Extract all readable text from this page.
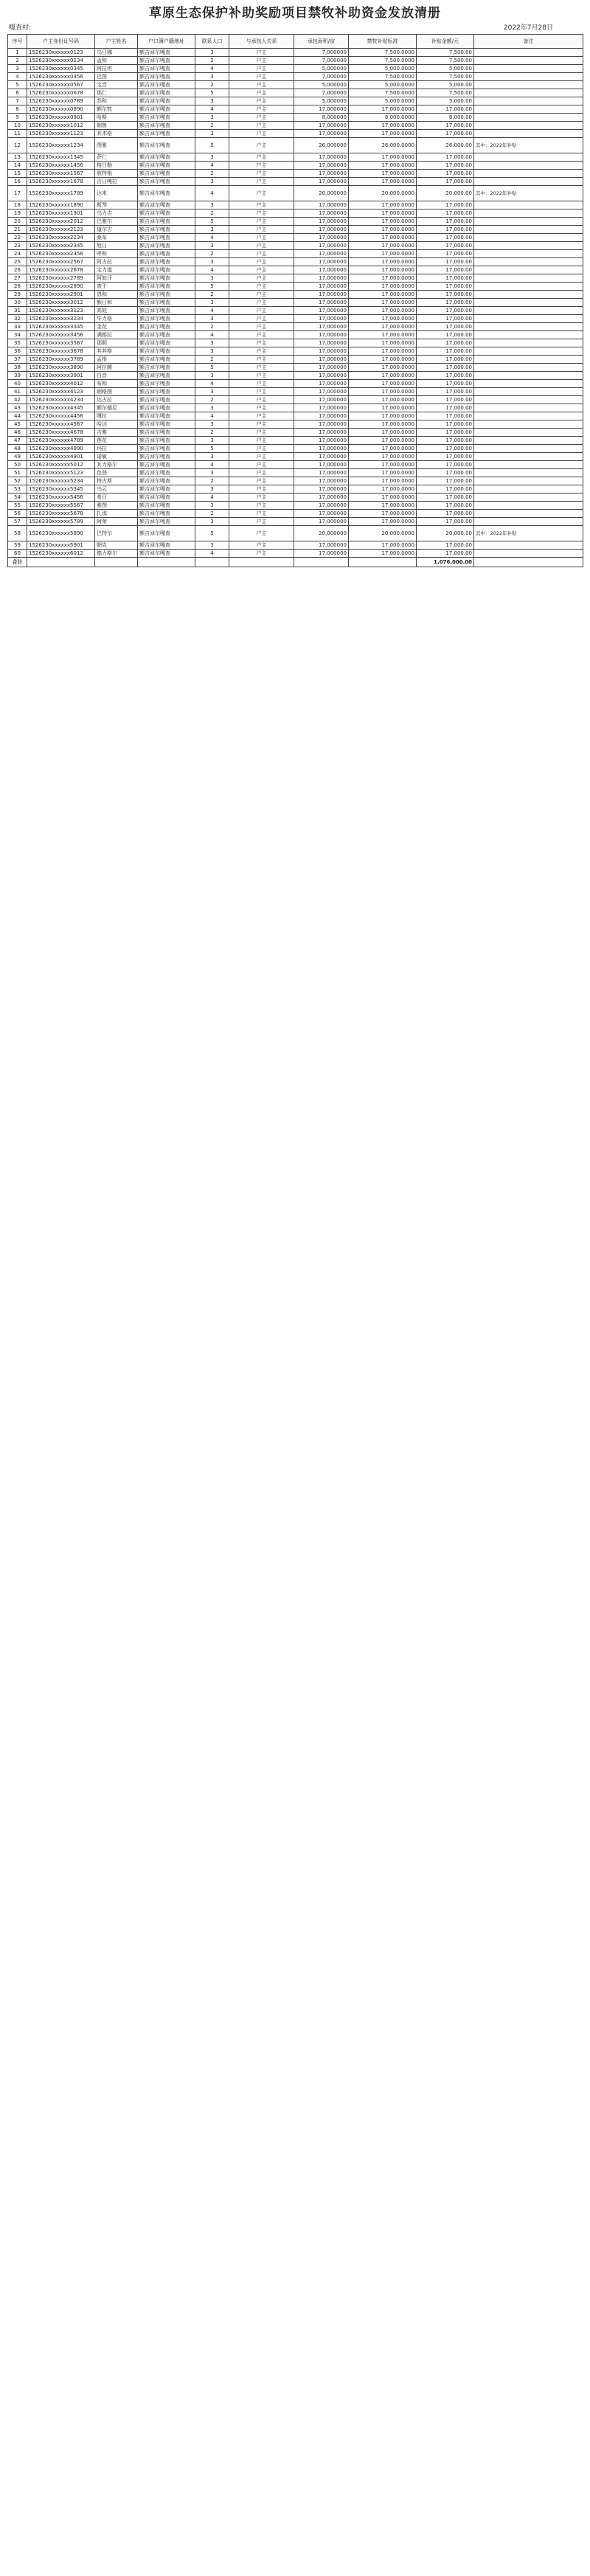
草原生态保护补助奖励项目禁牧补助资金发放清册
嘎查村:	2022年7月28日
序号	户主身份证号码	户主姓名	户口簿户籍地址	联系人口	与承包人关系	承包面积/亩	禁牧补贴标准	补贴金额/元	备注
1	1526230xxxxxx0123	乌日娜	额吉淖尔嘎查	3	户主	7,000000	7,500.0000	7,500.00	
2	1526230xxxxxx0234	孟和	额吉淖尔嘎查	2	户主	7,000000	7,500.0000	7,500.00	
3	1526230xxxxxx0345	阿拉坦	额吉淖尔嘎查	4	户主	5,000000	5,000.0000	5,000.00	
4	1526230xxxxxx0456	巴图	额吉淖尔嘎查	3	户主	7,000000	7,500.0000	7,500.00	
5	1526230xxxxxx0567	宝音	额吉淖尔嘎查	2	户主	5,000000	5,000.0000	5,000.00	
6	1526230xxxxxx0678	那仁	额吉淖尔嘎查	5	户主	7,000000	7,500.0000	7,500.00	
7	1526230xxxxxx0789	苏和	额吉淖尔嘎查	3	户主	5,000000	5,000.0000	5,000.00	
8	1526230xxxxxx0890	额尔敦	额吉淖尔嘎查	4	户主	17,000000	17,000.0000	17,000.00	
9	1526230xxxxxx0901	哈斯	额吉淖尔嘎查	3	户主	8,000000	8,000.0000	8,000.00	
10	1526230xxxxxx1012	朝鲁	额吉淖尔嘎查	2	户主	17,000000	17,000.0000	17,000.00	
11	1526230xxxxxx1123	其木格	额吉淖尔嘎查	3	户主	17,000000	17,000.0000	17,000.00	
12	1526230xxxxxx1234	图雅	额吉淖尔嘎查	5	户主	26,000000	26,000.0000	26,000.00	其中：2022年补贴
13	1526230xxxxxx1345	萨仁	额吉淖尔嘎查	3	户主	17,000000	17,000.0000	17,000.00	
14	1526230xxxxxx1456	格日勒	额吉淖尔嘎查	4	户主	17,000000	17,000.0000	17,000.00	
15	1526230xxxxxx1567	敖特根	额吉淖尔嘎查	2	户主	17,000000	17,000.0000	17,000.00	
16	1526230xxxxxx1678	吉日嘎拉	额吉淖尔嘎查	3	户主	17,000000	17,000.0000	17,000.00	
17	1526230xxxxxx1789	达来	额吉淖尔嘎查	4	户主	20,000000	20,000.0000	20,000.00	其中：2022年补贴
18	1526230xxxxxx1890	斯琴	额吉淖尔嘎查	3	户主	17,000000	17,000.0000	17,000.00	
19	1526230xxxxxx1901	乌力吉	额吉淖尔嘎查	2	户主	17,000000	17,000.0000	17,000.00	
20	1526230xxxxxx2012	巴雅尔	额吉淖尔嘎查	5	户主	17,000000	17,000.0000	17,000.00	
21	1526230xxxxxx2123	道尔吉	额吉淖尔嘎查	3	户主	17,000000	17,000.0000	17,000.00	
22	1526230xxxxxx2234	桑布	额吉淖尔嘎查	4	户主	17,000000	17,000.0000	17,000.00	
23	1526230xxxxxx2345	旭日	额吉淖尔嘎查	3	户主	17,000000	17,000.0000	17,000.00	
24	1526230xxxxxx2456	呼和	额吉淖尔嘎查	2	户主	17,000000	17,000.0000	17,000.00	
25	1526230xxxxxx2567	阿古拉	额吉淖尔嘎查	3	户主	17,000000	17,000.0000	17,000.00	
26	1526230xxxxxx2678	宝力道	额吉淖尔嘎查	4	户主	17,000000	17,000.0000	17,000.00	
27	1526230xxxxxx2789	阿如汗	额吉淖尔嘎查	3	户主	17,000000	17,000.0000	17,000.00	
28	1526230xxxxxx2890	查干	额吉淖尔嘎查	5	户主	17,000000	17,000.0000	17,000.00	
29	1526230xxxxxx2901	恩和	额吉淖尔嘎查	2	户主	17,000000	17,000.0000	17,000.00	
30	1526230xxxxxx3012	额日和	额吉淖尔嘎查	3	户主	17,000000	17,000.0000	17,000.00	
31	1526230xxxxxx3123	高娃	额吉淖尔嘎查	4	户主	17,000000	17,000.0000	17,000.00	
32	1526230xxxxxx3234	毕力格	额吉淖尔嘎查	3	户主	17,000000	17,000.0000	17,000.00	
33	1526230xxxxxx3345	金花	额吉淖尔嘎查	2	户主	17,000000	17,000.0000	17,000.00	
34	1526230xxxxxx3456	满都拉	额吉淖尔嘎查	4	户主	17,000000	17,000.0000	17,000.00	
35	1526230xxxxxx3567	那顺	额吉淖尔嘎查	3	户主	17,000000	17,000.0000	17,000.00	
36	1526230xxxxxx3678	其其格	额吉淖尔嘎查	3	户主	17,000000	17,000.0000	17,000.00	
37	1526230xxxxxx3789	孟根	额吉淖尔嘎查	2	户主	17,000000	17,000.0000	17,000.00	
38	1526230xxxxxx3890	阿拉腾	额吉淖尔嘎查	5	户主	17,000000	17,000.0000	17,000.00	
39	1526230xxxxxx3901	白音	额吉淖尔嘎查	3	户主	17,000000	17,000.0000	17,000.00	
40	1526230xxxxxx4012	布和	额吉淖尔嘎查	4	户主	17,000000	17,000.0000	17,000.00	
41	1526230xxxxxx4123	朝格图	额吉淖尔嘎查	3	户主	17,000000	17,000.0000	17,000.00	
42	1526230xxxxxx4234	达古拉	额吉淖尔嘎查	2	户主	17,000000	17,000.0000	17,000.00	
43	1526230xxxxxx4345	额尔德尼	额吉淖尔嘎查	3	户主	17,000000	17,000.0000	17,000.00	
44	1526230xxxxxx4456	嘎拉	额吉淖尔嘎查	4	户主	17,000000	17,000.0000	17,000.00	
45	1526230xxxxxx4567	哈达	额吉淖尔嘎查	3	户主	17,000000	17,000.0000	17,000.00	
46	1526230xxxxxx4678	吉雅	额吉淖尔嘎查	2	户主	17,000000	17,000.0000	17,000.00	
47	1526230xxxxxx4789	莲花	额吉淖尔嘎查	3	户主	17,000000	17,000.0000	17,000.00	
48	1526230xxxxxx4890	玛拉	额吉淖尔嘎查	5	户主	17,000000	17,000.0000	17,000.00	
49	1526230xxxxxx4901	诺敏	额吉淖尔嘎查	3	户主	17,000000	17,000.0000	17,000.00	
50	1526230xxxxxx5012	其力格尔	额吉淖尔嘎查	4	户主	17,000000	17,000.0000	17,000.00	
51	1526230xxxxxx5123	色登	额吉淖尔嘎查	3	户主	17,000000	17,000.0000	17,000.00	
52	1526230xxxxxx5234	特古斯	额吉淖尔嘎查	2	户主	17,000000	17,000.0000	17,000.00	
53	1526230xxxxxx5345	乌云	额吉淖尔嘎查	3	户主	17,000000	17,000.0000	17,000.00	
54	1526230xxxxxx5456	希日	额吉淖尔嘎查	4	户主	17,000000	17,000.0000	17,000.00	
55	1526230xxxxxx5567	雅图	额吉淖尔嘎查	3	户主	17,000000	17,000.0000	17,000.00	
56	1526230xxxxxx5678	扎那	额吉淖尔嘎查	2	户主	17,000000	17,000.0000	17,000.00	
57	1526230xxxxxx5789	阿荣	额吉淖尔嘎查	3	户主	17,000000	17,000.0000	17,000.00	
58	1526230xxxxxx5890	巴特尔	额吉淖尔嘎查	5	户主	20,000000	20,000.0000	20,000.00	其中：2022年补贴
59	1526230xxxxxx5901	朝克	额吉淖尔嘎查	3	户主	17,000000	17,000.0000	17,000.00	
60	1526230xxxxxx6012	德力格尔	额吉淖尔嘎查	4	户主	17,000000	17,000.0000	17,000.00	
合计								1,076,000.00	
